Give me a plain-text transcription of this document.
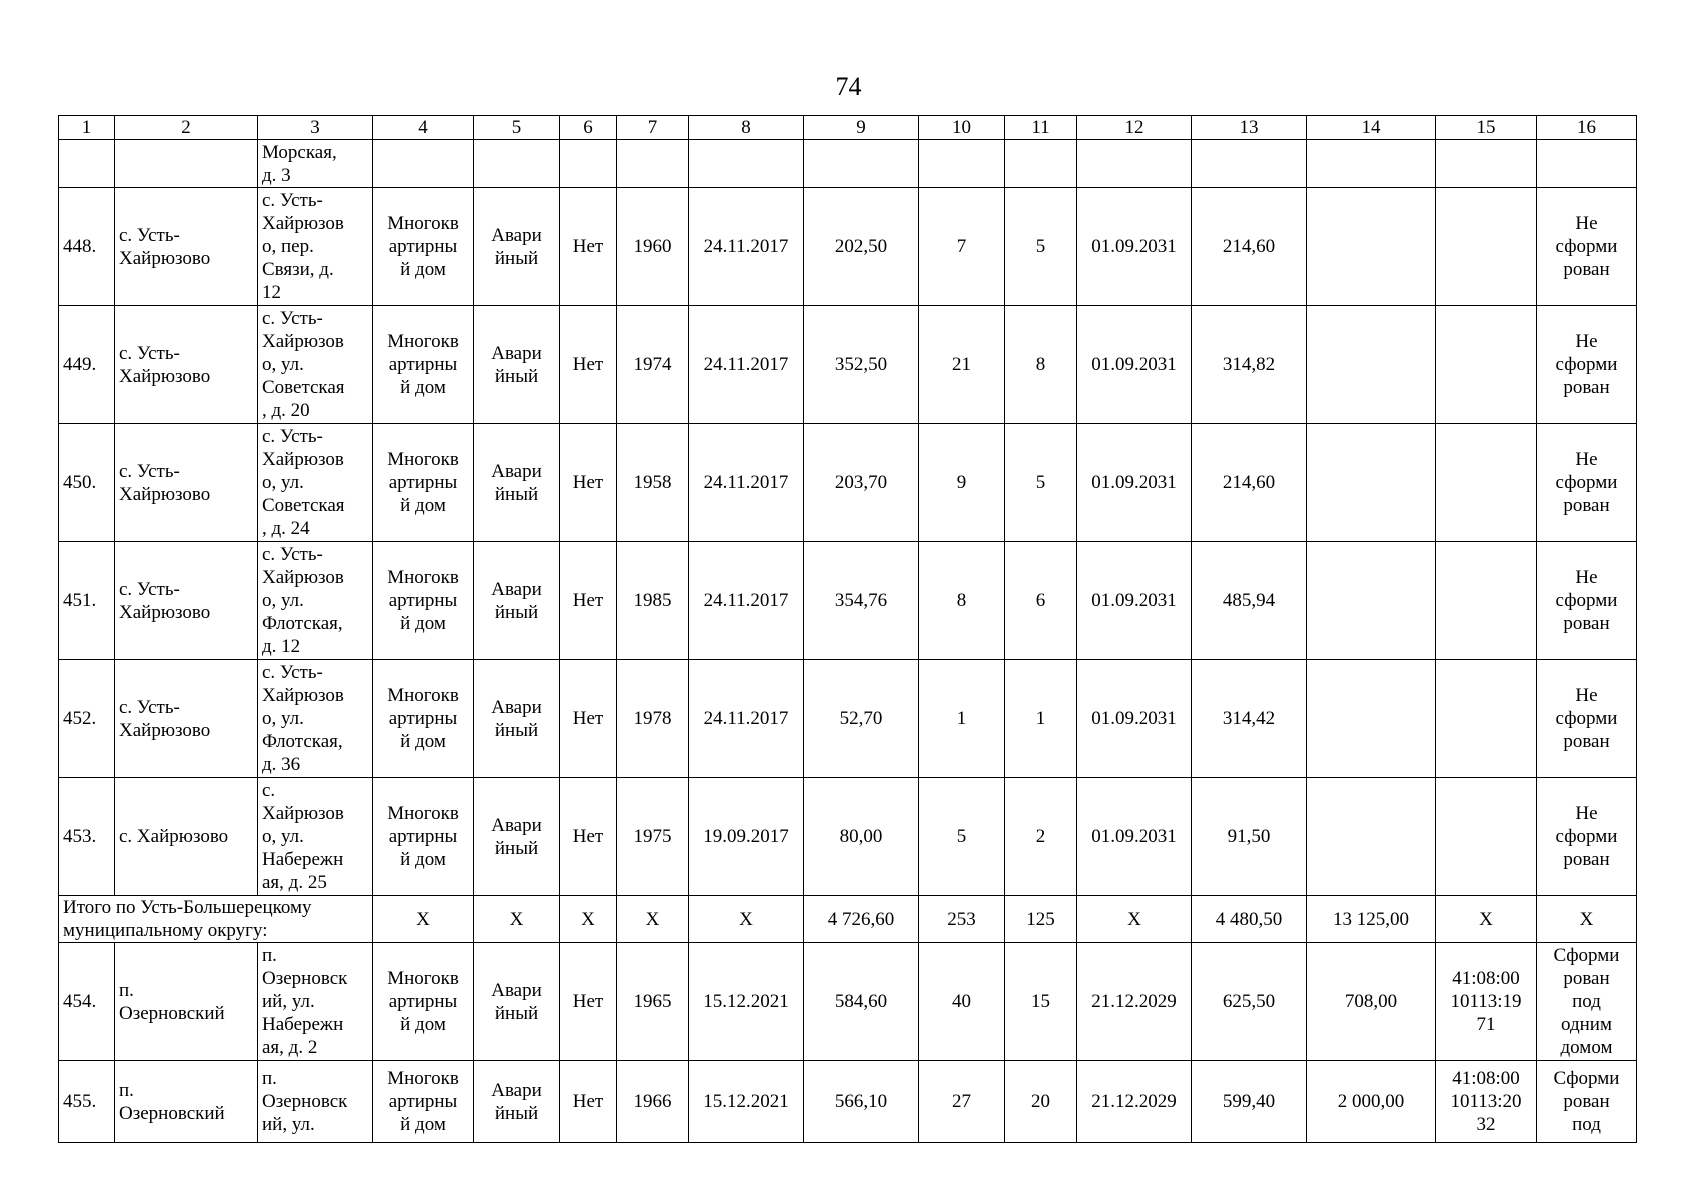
74
1	2	3	4	5	6	7	8	9	10	11	12	13	14	15	16

		Морская,
д. 3													

448.	с. Усть-
Хайрюзово	с. Усть-
Хайрюзов
о, пер.
Связи, д.
12	Многокв
артирны
й дом	Авари
йный	Нет	1960	24.11.2017	202,50	7	5	01.09.2031	214,60			Не
сформи
рован

449.	с. Усть-
Хайрюзово	с. Усть-
Хайрюзов
о, ул.
Советская
, д. 20	Многокв
артирны
й дом	Авари
йный	Нет	1974	24.11.2017	352,50	21	8	01.09.2031	314,82			Не
сформи
рован

450.	с. Усть-
Хайрюзово	с. Усть-
Хайрюзов
о, ул.
Советская
, д. 24	Многокв
артирны
й дом	Авари
йный	Нет	1958	24.11.2017	203,70	9	5	01.09.2031	214,60			Не
сформи
рован

451.	с. Усть-
Хайрюзово	с. Усть-
Хайрюзов
о, ул.
Флотская,
д. 12	Многокв
артирны
й дом	Авари
йный	Нет	1985	24.11.2017	354,76	8	6	01.09.2031	485,94			Не
сформи
рован

452.	с. Усть-
Хайрюзово	с. Усть-
Хайрюзов
о, ул.
Флотская,
д. 36	Многокв
артирны
й дом	Авари
йный	Нет	1978	24.11.2017	52,70	1	1	01.09.2031	314,42			Не
сформи
рован

453.	с. Хайрюзово	с.
Хайрюзов
о, ул.
Набережн
ая, д. 25	Многокв
артирны
й дом	Авари
йный	Нет	1975	19.09.2017	80,00	5	2	01.09.2031	91,50			Не
сформи
рован

Итого по Усть-Большерецкому
муниципальному округу:			Х	Х	Х	Х	Х	4 726,60	253	125	Х	4 480,50	13 125,00	Х	Х
454.	п.
Озерновский	п.
Озерновск
ий, ул.
Набережн
ая, д. 2	Многокв
артирны
й дом	Авари
йный	Нет	1965	15.12.2021	584,60	40	15	21.12.2029	625,50	708,00	41:08:00
10113:19
71	Сформи
рован
под
одним
домом

455.	п.
Озерновский	п.
Озерновск
ий, ул.	Многокв
артирны
й дом	Авари
йный	Нет	1966	15.12.2021	566,10	27	20	21.12.2029	599,40	2 000,00	41:08:00
10113:20
32	Сформи
рован
под
